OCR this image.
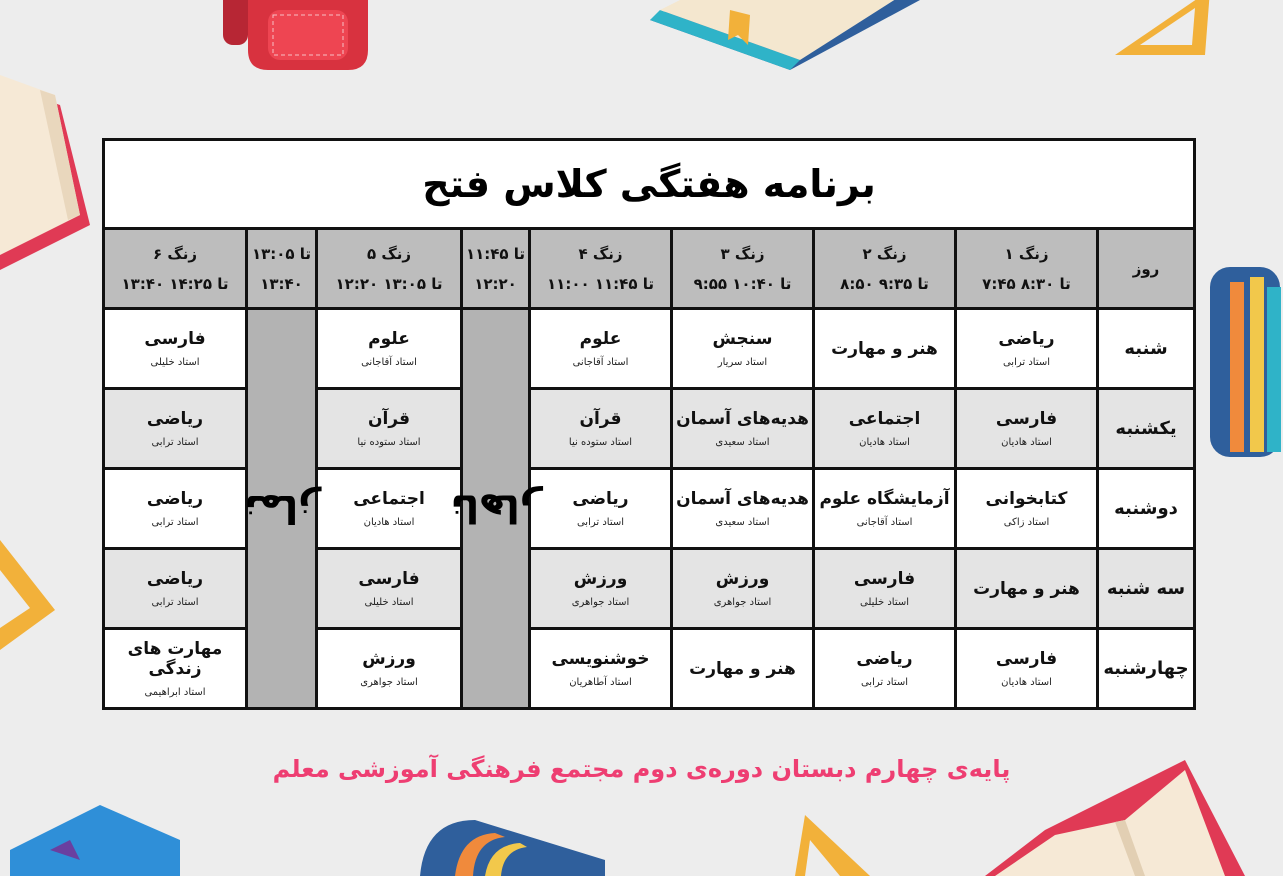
برنامه هفتگی کلاس فتح
زنگ ۶
۱۳:۴۰ تا ۱۴:۲۵
۱۳:۰۵ تا
۱۳:۴۰
زنگ ۵
۱۲:۲۰ تا ۱۳:۰۵
۱۱:۴۵ تا
۱۲:۲۰
زنگ ۴
۱۱:۰۰ تا ۱۱:۴۵
زنگ ۳
۹:۵۵ تا ۱۰:۴۰
زنگ ۲
۸:۵۰ تا ۹:۳۵
زنگ ۱
۷:۴۵ تا ۸:۳۰
روز
فارسی
استاد خلیلی
نماز
علوم
استاد آقاجانی
ناهار
علوم
استاد آقاجانی
سنجش
استاد سریار
هنر و مهارت	ریاضی
استاد ترابی
شنبه
ریاضی
استاد ترابی
قرآن
استاد ستوده نیا
قرآن
استاد ستوده نیا
هدیه‌های آسمان
استاد سعیدی
اجتماعی
استاد هادیان
فارسی
استاد هادیان
یکشنبه
ریاضی
استاد ترابی
اجتماعی
استاد هادیان
ریاضی
استاد ترابی
هدیه‌های آسمان
استاد سعیدی
آزمایشگاه علوم
استاد آقاجانی
کتابخوانی
استاد زاکی
دوشنبه
ریاضی
استاد ترابی
فارسی
استاد خلیلی
ورزش
استاد جواهری
ورزش
استاد جواهری
فارسی
استاد خلیلی
هنر و مهارت سه شنبه
مهارت های زندگی
استاد ابراهیمی
ورزش
استاد جواهری
خوشنویسی
استاد آطاهریان
هنر و مهارت	ریاضی
استاد ترابی
فارسی
استاد هادیان
چهارشنبه
پایه‌ی چهارم دبستان دوره‌ی دوم مجتمع فرهنگی آموزشی معلم
